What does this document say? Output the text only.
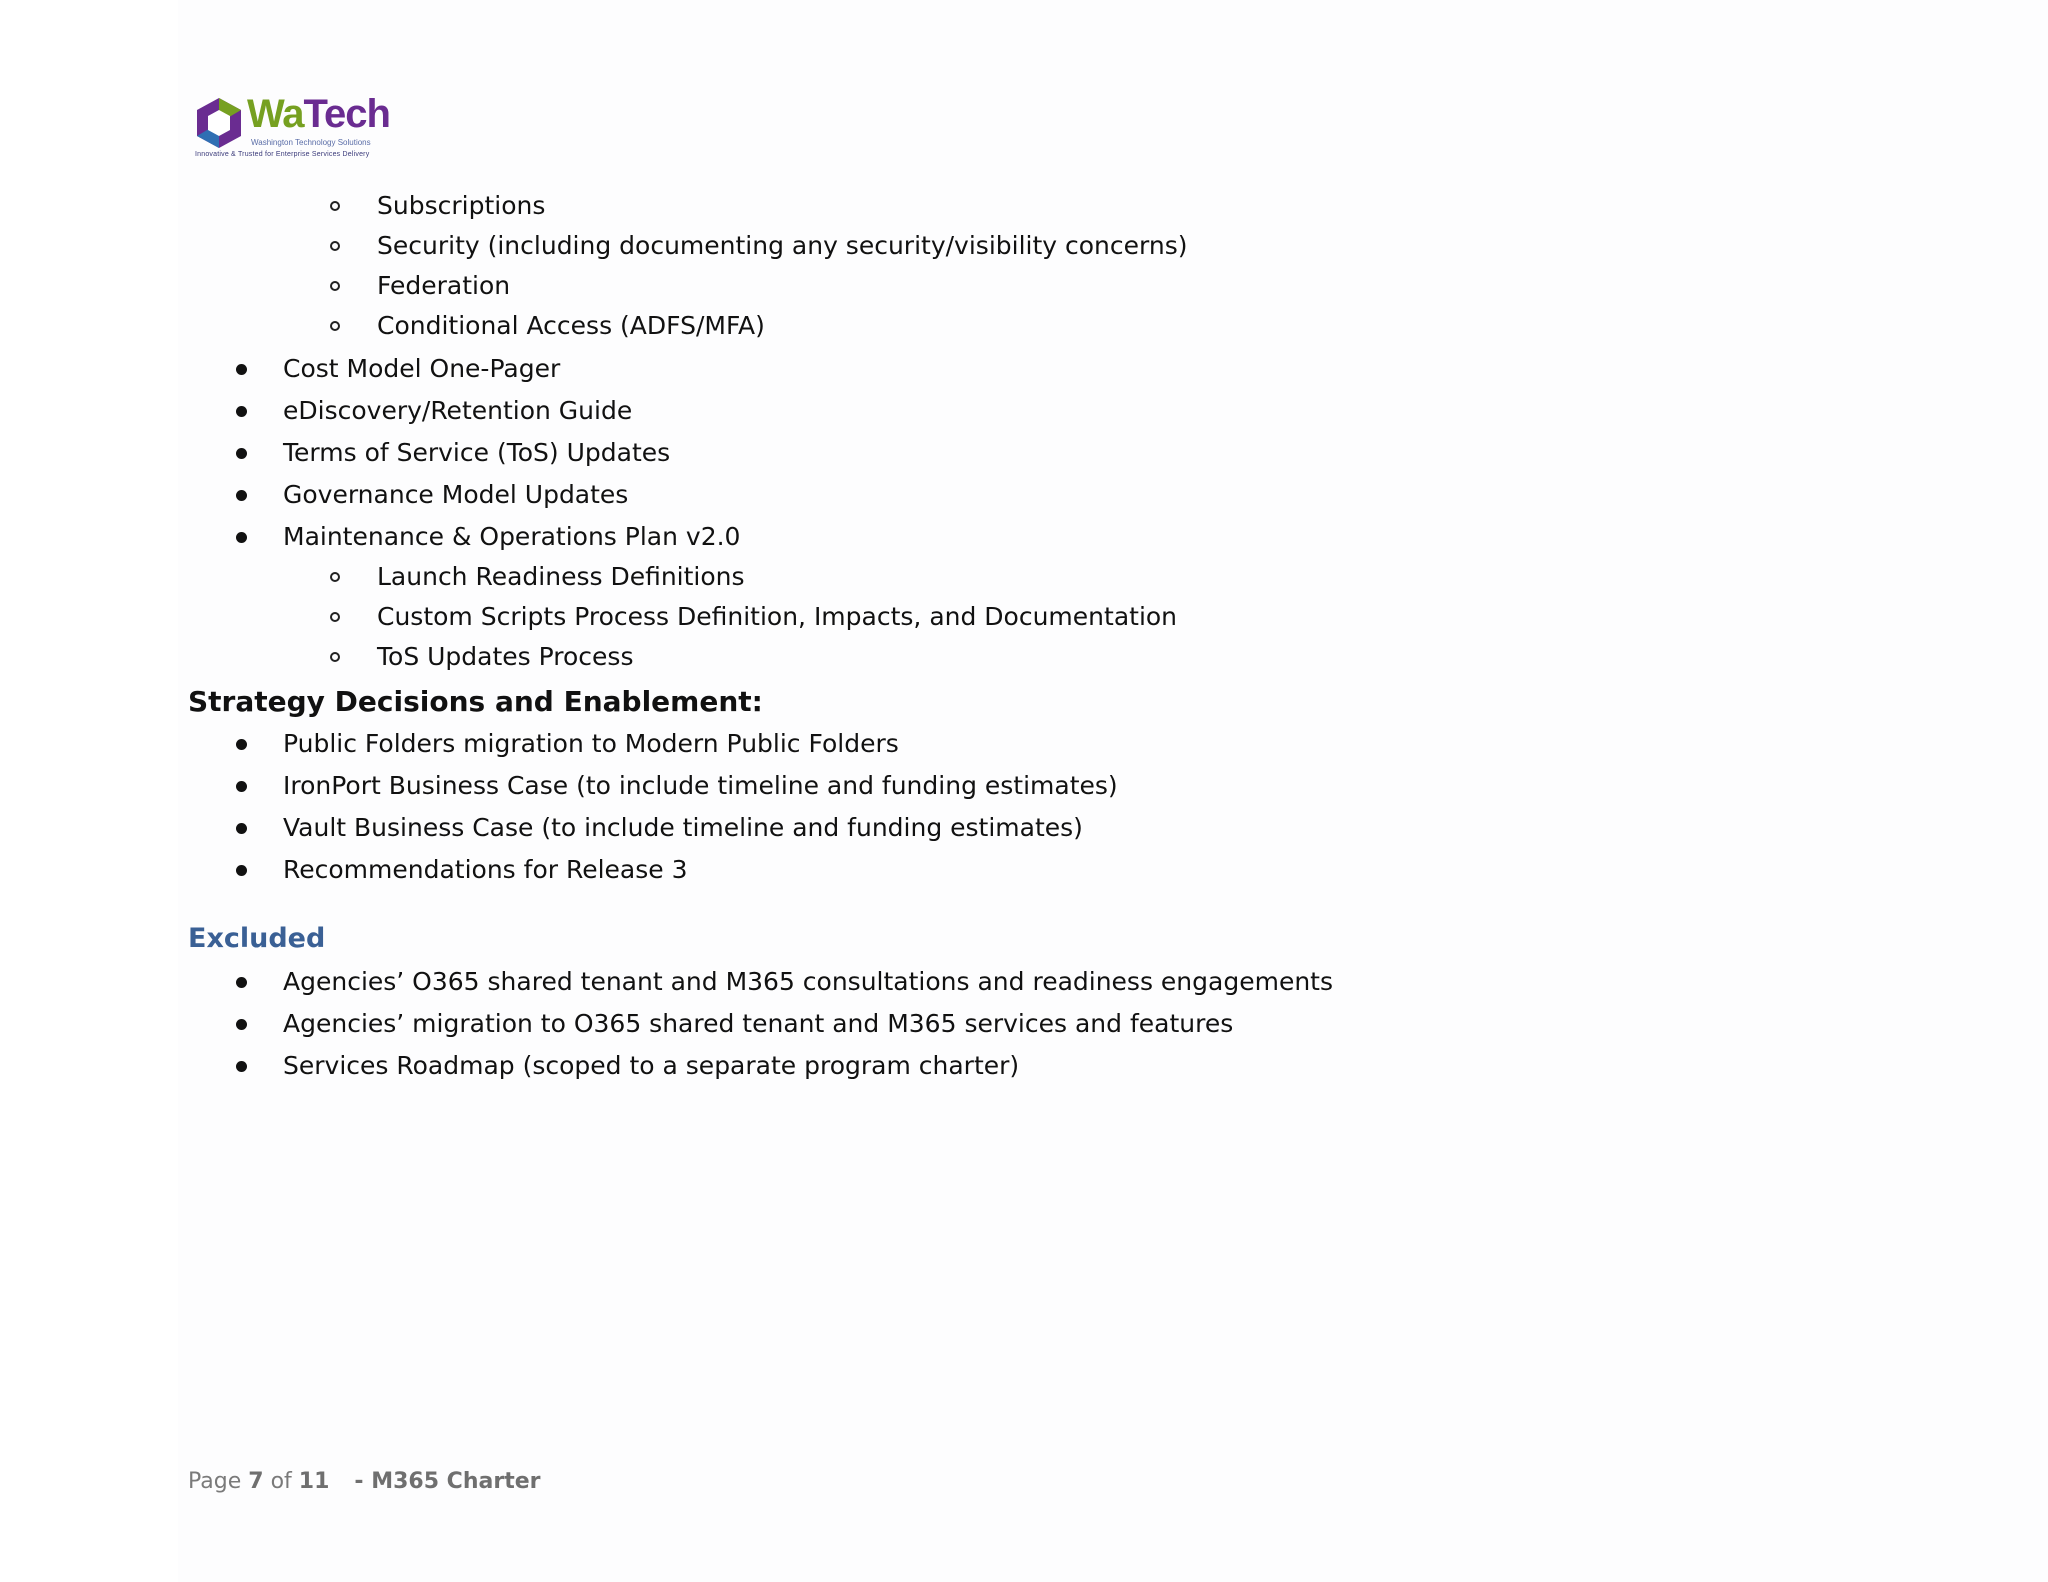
WaTech
Washington Technology Solutions
Innovative & Trusted for Enterprise Services Delivery
Subscriptions
Security (including documenting any security/visibility concerns)
Federation
Conditional Access (ADFS/MFA)
Cost Model One-Pager
eDiscovery/Retention Guide
Terms of Service (ToS) Updates
Governance Model Updates
Maintenance & Operations Plan v2.0
Launch Readiness Definitions
Custom Scripts Process Definition, Impacts, and Documentation
ToS Updates Process
Strategy Decisions and Enablement:
Public Folders migration to Modern Public Folders
IronPort Business Case (to include timeline and funding estimates)
Vault Business Case (to include timeline and funding estimates)
Recommendations for Release 3
Excluded
Agencies’ O365 shared tenant and M365 consultations and readiness engagements
Agencies’ migration to O365 shared tenant and M365 services and features
Services Roadmap (scoped to a separate program charter)
Page 7 of 11 - M365 Charter
